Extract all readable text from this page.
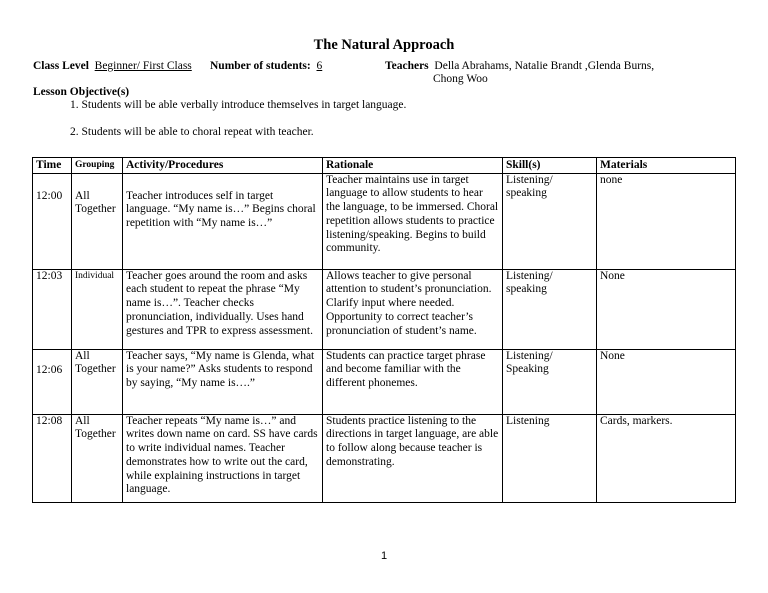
The Natural Approach
Class Level Beginner/ First Class Number of students: 6	Teachers Della Abrahams, Natalie Brandt ,Glenda Burns,
Chong Woo
Lesson Objective(s)
1. Students will be able verbally introduce themselves in target language.
2. Students will be able to choral repeat with teacher.
Time	Grouping	Activity/Procedures	Rationale	Skill(s)	Materials
12:00	All Together	Teacher introduces self in target language. “My name is…” Begins choral repetition with “My name is…”	Teacher maintains use in target language to allow students to hear the language, to be immersed. Choral repetition allows students to practice listening/speaking. Begins to build community.	Listening/ speaking	none
12:03	Individual	Teacher goes around the room and asks each student to repeat the phrase “My name is…”. Teacher checks pronunciation, individually. Uses hand gestures and TPR to express assessment.	Allows teacher to give personal attention to student’s pronunciation. Clarify input where needed. Opportunity to correct teacher’s pronunciation of student’s name.	Listening/ speaking	None
12:06	All Together	Teacher says, “My name is Glenda, what is your name?” Asks students to respond by saying, “My name is….”	Students can practice target phrase and become familiar with the different phonemes.	Listening/ Speaking	None
12:08	All Together	Teacher repeats “My name is…” and writes down name on card. SS have cards to write individual names. Teacher demonstrates how to write out the card, while explaining instructions in target language.	Students practice listening to the directions in target language, are able to follow along because teacher is demonstrating.	Listening	Cards, markers.
1
